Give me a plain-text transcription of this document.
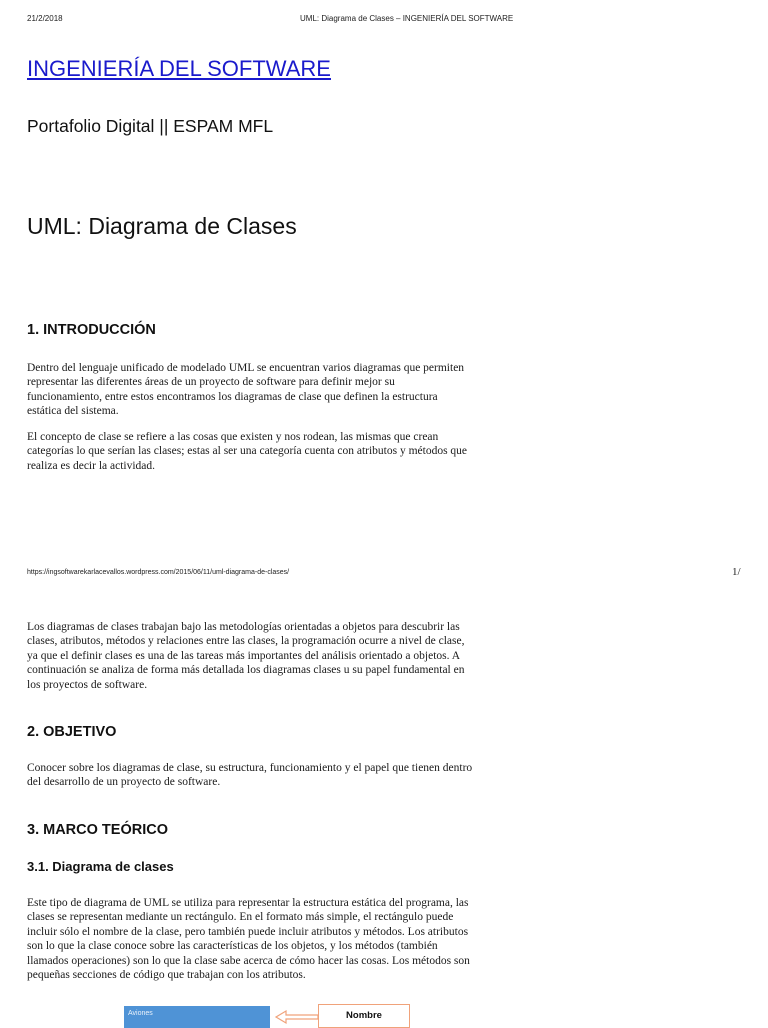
21/2/2018	UML: Diagrama de Clases – INGENIERÍA DEL SOFTWARE
INGENIERÍA DEL SOFTWARE
Portafolio Digital || ESPAM MFL
UML: Diagrama de Clases
1. INTRODUCCIÓN
Dentro del lenguaje unificado de modelado UML se encuentran varios diagramas que permiten
representar las diferentes áreas de un proyecto de software para definir mejor su
funcionamiento, entre estos encontramos los diagramas de clase que definen la estructura
estática del sistema.
El concepto de clase se refiere a las cosas que existen y nos rodean, las mismas que crean
categorías lo que serían las clases; estas al ser una categoría cuenta con atributos y métodos que
realiza es decir la actividad.
https://ingsoftwarekarlacevallos.wordpress.com/2015/06/11/uml-diagrama-de-clases/	1/
Los diagramas de clases trabajan bajo las metodologías orientadas a objetos para descubrir las
clases, atributos, métodos y relaciones entre las clases, la programación ocurre a nivel de clase,
ya que el definir clases es una de las tareas más importantes del análisis orientado a objetos. A
continuación se analiza de forma más detallada los diagramas clases u su papel fundamental en
los proyectos de software.
2. OBJETIVO
Conocer sobre los diagramas de clase, su estructura, funcionamiento y el papel que tienen dentro
del desarrollo de un proyecto de software.
3. MARCO TEÓRICO
3.1. Diagrama de clases
Este tipo de diagrama de UML se utiliza para representar la estructura estática del programa, las
clases se representan mediante un rectángulo. En el formato más simple, el rectángulo puede
incluir sólo el nombre de la clase, pero también puede incluir atributos y métodos. Los atributos
son lo que la clase conoce sobre las características de los objetos, y los métodos (también
llamados operaciones) son lo que la clase sabe acerca de cómo hacer las cosas. Los métodos son
pequeñas secciones de código que trabajan con los atributos.
Aviones	Nombre
